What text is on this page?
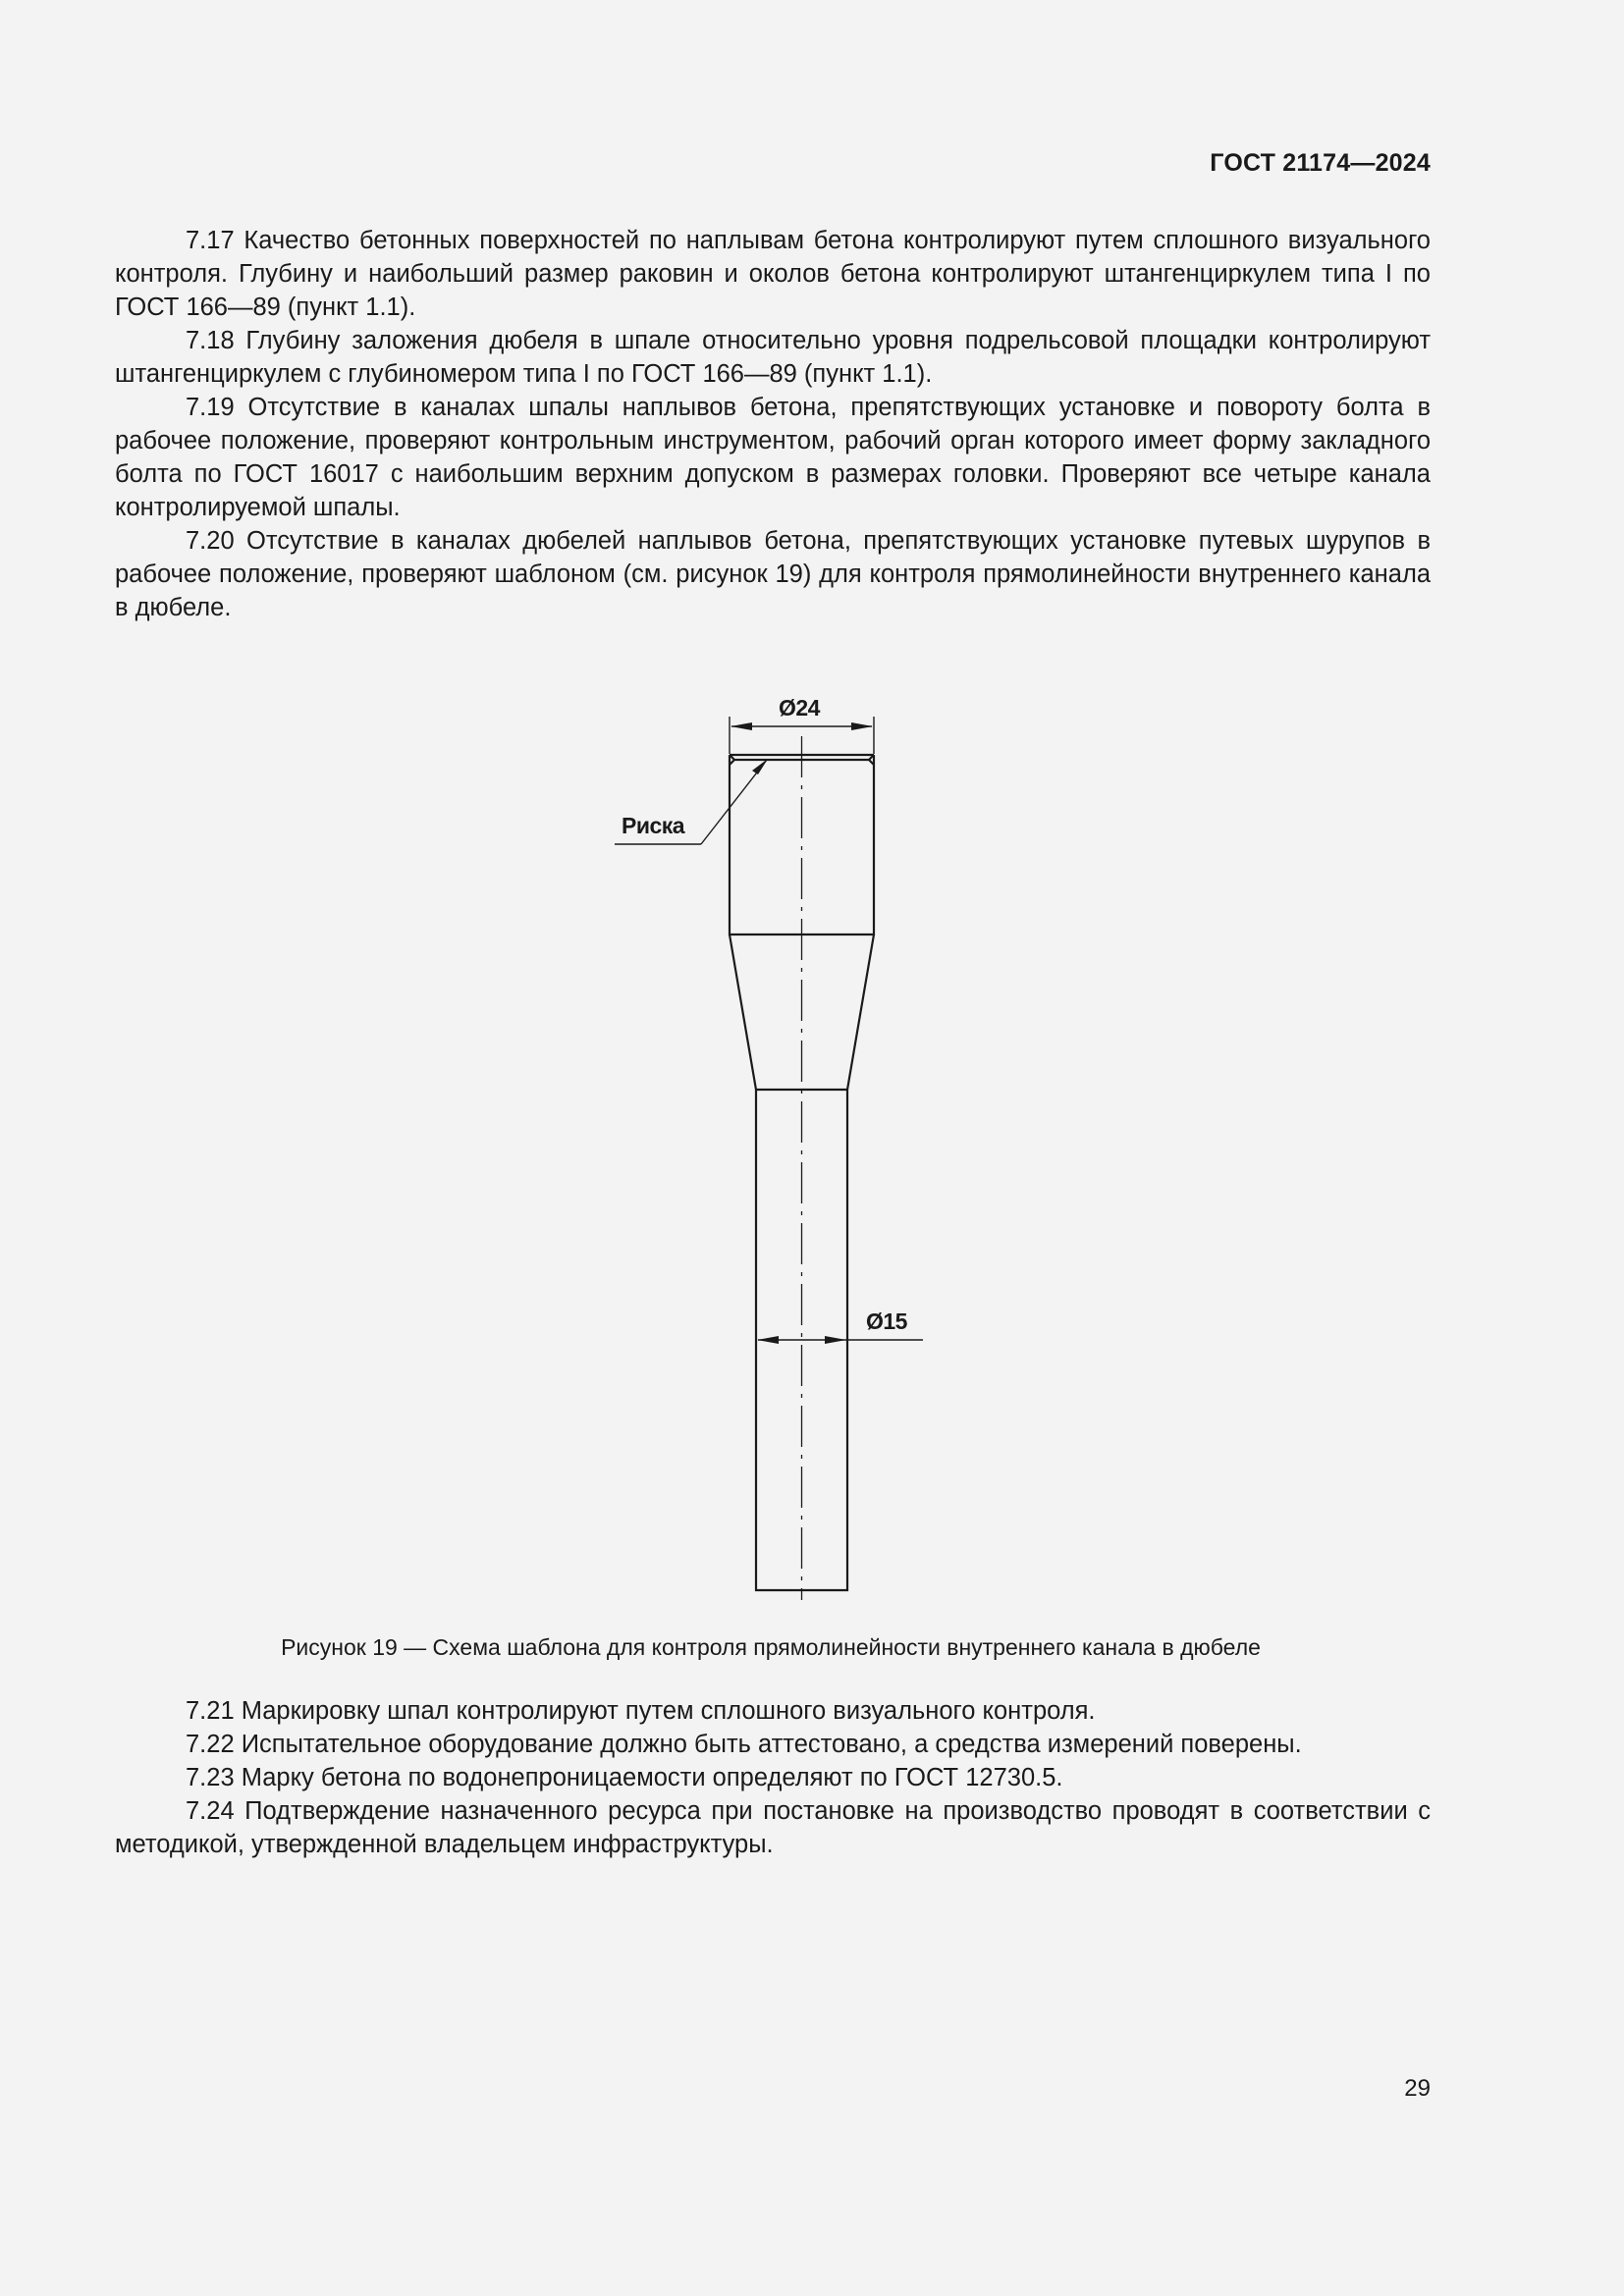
ГОСТ 21174—2024

7.17 Качество бетонных поверхностей по наплывам бетона контролируют путем сплошного визуального контроля. Глубину и наибольший размер раковин и околов бетона контролируют штангенциркулем типа I по ГОСТ 166—89 (пункт 1.1).

7.18 Глубину заложения дюбеля в шпале относительно уровня подрельсовой площадки контролируют штангенциркулем с глубиномером типа I по ГОСТ 166—89 (пункт 1.1).

7.19 Отсутствие в каналах шпалы наплывов бетона, препятствующих установке и повороту болта в рабочее положение, проверяют контрольным инструментом, рабочий орган которого имеет форму закладного болта по ГОСТ 16017 с наибольшим верхним допуском в размерах головки. Проверяют все четыре канала контролируемой шпалы.

7.20 Отсутствие в каналах дюбелей наплывов бетона, препятствующих установке путевых шурупов в рабочее положение, проверяют шаблоном (см. рисунок 19) для контроля прямолинейности внутреннего канала в дюбеле.

Ø24
Риска
Ø15
Рисунок 19 — Схема шаблона для контроля прямолинейности внутреннего канала в дюбеле

7.21 Маркировку шпал контролируют путем сплошного визуального контроля.

7.22 Испытательное оборудование должно быть аттестовано, а средства измерений поверены.

7.23 Марку бетона по водонепроницаемости определяют по ГОСТ 12730.5.

7.24 Подтверждение назначенного ресурса при постановке на производство проводят в соответствии с методикой, утвержденной владельцем инфраструктуры.

29
